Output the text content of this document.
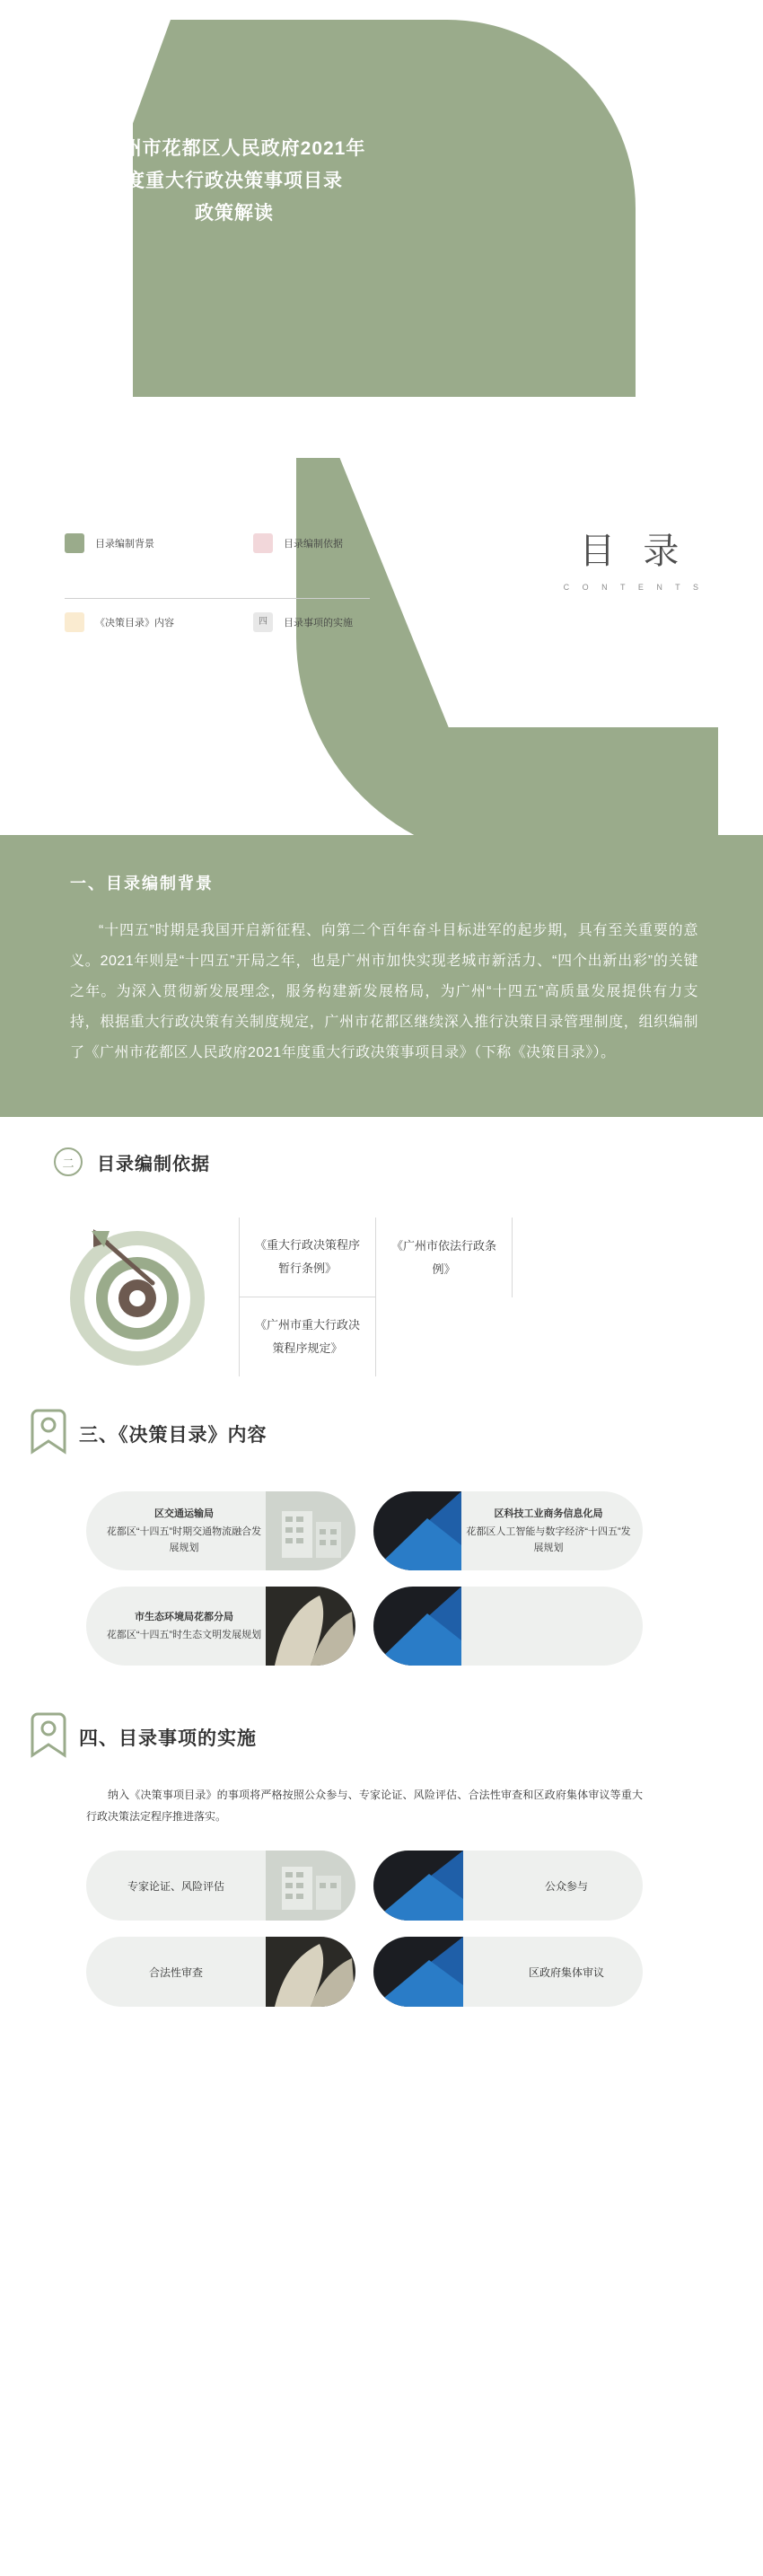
广州市花都区人民政府2021年
度重大行政决策事项目录
政策解读
目 录
C O N T E N T S
目录编制背景	目录编制依据
《决策目录》内容	四	目录事项的实施
一、目录编制背景
“十四五”时期是我国开启新征程、向第二个百年奋斗目标进军的起步期，具有至关重要的意义。2021年则是“十四五”开局之年，也是广州市加快实现老城市新活力、“四个出新出彩”的关键之年。为深入贯彻新发展理念，服务构建新发展格局，为广州“十四五”高质量发展提供有力支持，根据重大行政决策有关制度规定，广州市花都区继续深入推行决策目录管理制度，组织编制了《广州市花都区人民政府2021年度重大行政决策事项目录》（下称《决策目录》）。
二	目录编制依据
《重大行政决策程序暂行条例》
《广州市依法行政条例》
《广州市重大行政决策程序规定》
三、《决策目录》内容
区交通运输局
花都区“十四五”时期交通物流融合发展规划
区科技工业商务信息化局
花都区人工智能与数字经济“十四五”发展规划
市生态环境局花都分局
花都区“十四五”时生态文明发展规划
四、目录事项的实施
纳入《决策事项目录》的事项将严格按照公众参与、专家论证、风险评估、合法性审查和区政府集体审议等重大行政决策法定程序推进落实。
专家论证、风险评估	公众参与
合法性审查	区政府集体审议
